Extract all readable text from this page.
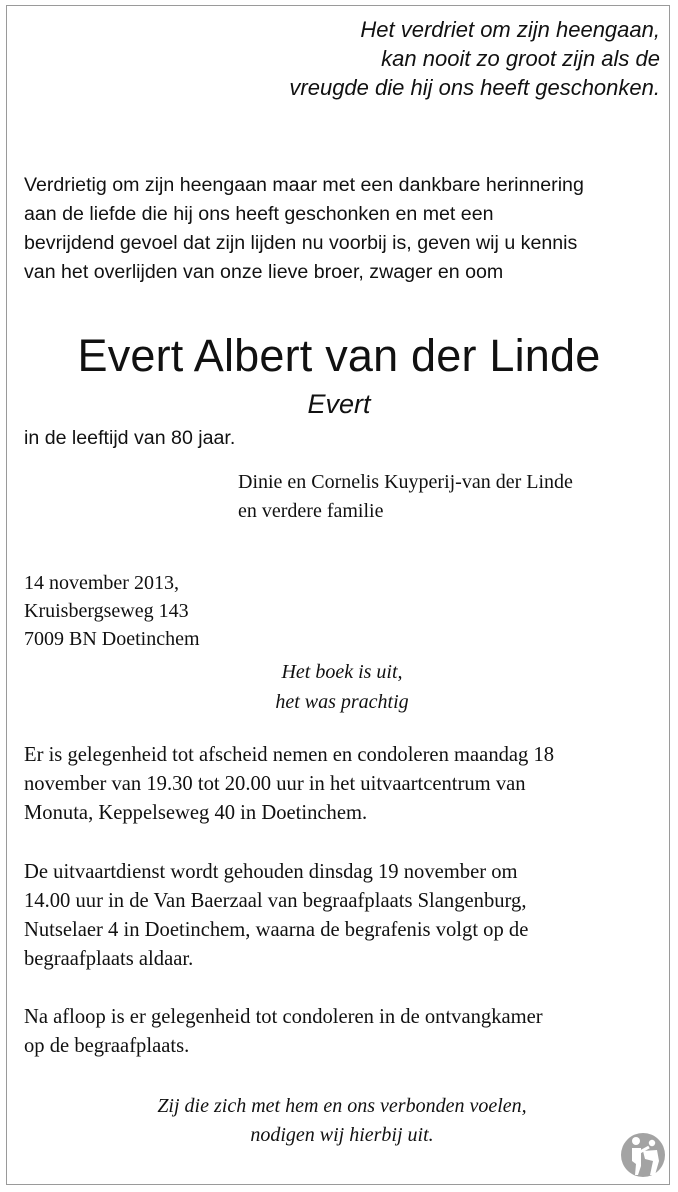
Het verdriet om zijn heengaan,
kan nooit zo groot zijn als de
vreugde die hij ons heeft geschonken.
Verdrietig om zijn heengaan maar met een dankbare herinnering
aan de liefde die hij ons heeft geschonken en met een
bevrijdend gevoel dat zijn lijden nu voorbij is, geven wij u kennis
van het overlijden van onze lieve broer, zwager en oom
Evert Albert van der Linde
Evert
in de leeftijd van 80 jaar.
Dinie en Cornelis Kuyperij-van der Linde
en verdere familie
14 november 2013,
Kruisbergseweg 143
7009 BN Doetinchem
Het boek is uit,
het was prachtig
Er is gelegenheid tot afscheid nemen en condoleren maandag 18
november van 19.30 tot 20.00 uur in het uitvaartcentrum van
Monuta, Keppelseweg 40 in Doetinchem.
De uitvaartdienst wordt gehouden dinsdag 19 november om
14.00 uur in de Van Baerzaal van begraafplaats Slangenburg,
Nutselaer 4 in Doetinchem, waarna de begrafenis volgt op de
begraafplaats aldaar.
Na afloop is er gelegenheid tot condoleren in de ontvangkamer
op de begraafplaats.
Zij die zich met hem en ons verbonden voelen,
nodigen wij hierbij uit.
